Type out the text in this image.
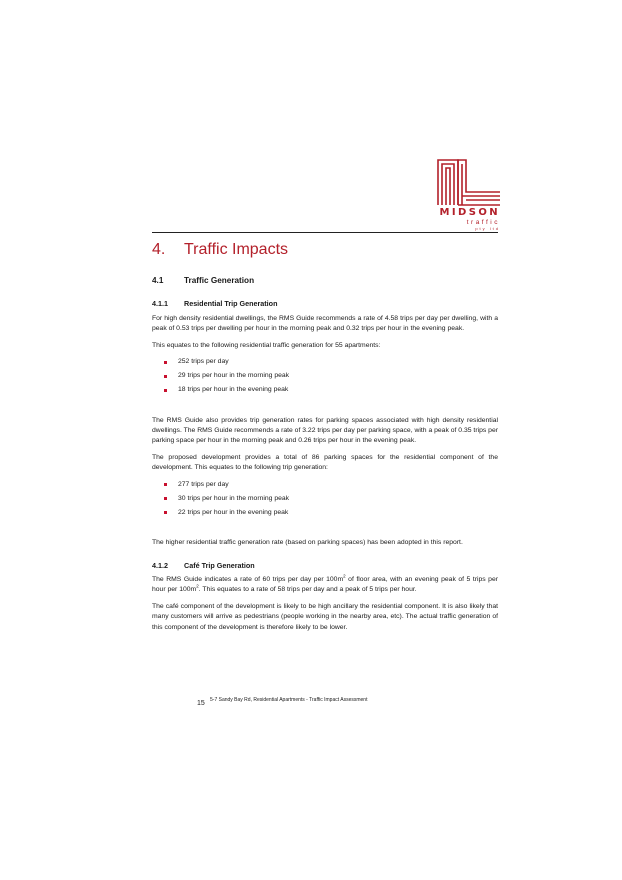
MIDSON
traffic
pty ltd
4. Traffic Impacts
4.1	Traffic Generation
4.1.1 Residential Trip Generation

For high density residential dwellings, the RMS Guide recommends a rate of 4.58 trips per day per dwelling, with a peak of 0.53 trips per dwelling per hour in the morning peak and 0.32 trips per hour in the evening peak.

This equates to the following residential traffic generation for 55 apartments:

252 trips per day
29 trips per hour in the morning peak
18 trips per hour in the evening peak

The RMS Guide also provides trip generation rates for parking spaces associated with high density residential dwellings. The RMS Guide recommends a rate of 3.22 trips per day per parking space, with a peak of 0.35 trips per parking space per hour in the morning peak and 0.26 trips per hour in the evening peak.

The proposed development provides a total of 86 parking spaces for the residential component of the development. This equates to the following trip generation:

277 trips per day
30 trips per hour in the morning peak
22 trips per hour in the evening peak

The higher residential traffic generation rate (based on parking spaces) has been adopted in this report.

4.1.2 Café Trip Generation

The RMS Guide indicates a rate of 60 trips per day per $100m^2$ of floor area, with an evening peak of 5 trips per hour per $100m^2$. This equates to a rate of 58 trips per day and a peak of 5 trips per hour.

The café component of the development is likely to be high ancillary the residential component. It is also likely that many customers will arrive as pedestrians (people working in the nearby area, etc). The actual traffic generation of this component of the development is therefore likely to be lower.

15 5-7 Sandy Bay Rd, Residential Apartments - Traffic Impact Assessment
